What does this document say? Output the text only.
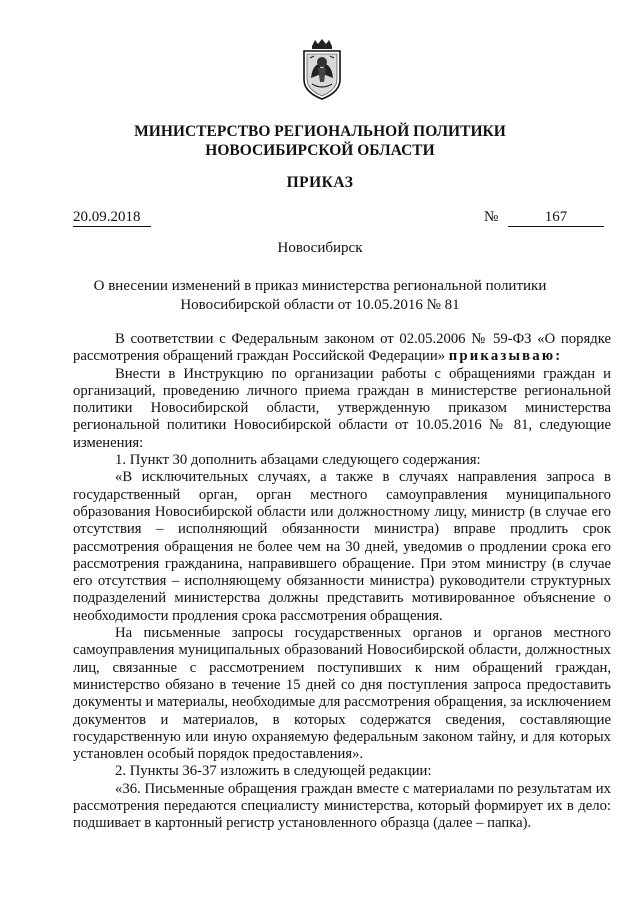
МИНИСТЕРСТВО РЕГИОНАЛЬНОЙ ПОЛИТИКИ
НОВОСИБИРСКОЙ ОБЛАСТИ
ПРИКАЗ
20.09.2018	№	167
Новосибирск
О внесении изменений в приказ министерства региональной политики
Новосибирской области от 10.05.2016 № 81

В соответствии с Федеральным законом от 02.05.2006 № 59-ФЗ «О порядке рассмотрения обращений граждан Российской Федерации» приказываю:

Внести в Инструкцию по организации работы с обращениями граждан и организаций, проведению личного приема граждан в министерстве региональной политики Новосибирской области, утвержденную приказом министерства региональной политики Новосибирской области от 10.05.2016 № 81, следующие изменения:

1. Пункт 30 дополнить абзацами следующего содержания:

«В исключительных случаях, а также в случаях направления запроса в государственный орган, орган местного самоуправления муниципального образования Новосибирской области или должностному лицу, министр (в случае его отсутствия – исполняющий обязанности министра) вправе продлить срок рассмотрения обращения не более чем на 30 дней, уведомив о продлении срока его рассмотрения гражданина, направившего обращение. При этом министру (в случае его отсутствия – исполняющему обязанности министра) руководители структурных подразделений министерства должны представить мотивированное объяснение о необходимости продления срока рассмотрения обращения.

На письменные запросы государственных органов и органов местного самоуправления муниципальных образований Новосибирской области, должностных лиц, связанные с рассмотрением поступивших к ним обращений граждан, министерство обязано в течение 15 дней со дня поступления запроса предоставить документы и материалы, необходимые для рассмотрения обращения, за исключением документов и материалов, в которых содержатся сведения, составляющие государственную или иную охраняемую федеральным законом тайну, и для которых установлен особый порядок предоставления».

2. Пункты 36-37 изложить в следующей редакции:

«36. Письменные обращения граждан вместе с материалами по результатам их рассмотрения передаются специалисту министерства, который формирует их в дело: подшивает в картонный регистр установленного образца (далее – папка).
